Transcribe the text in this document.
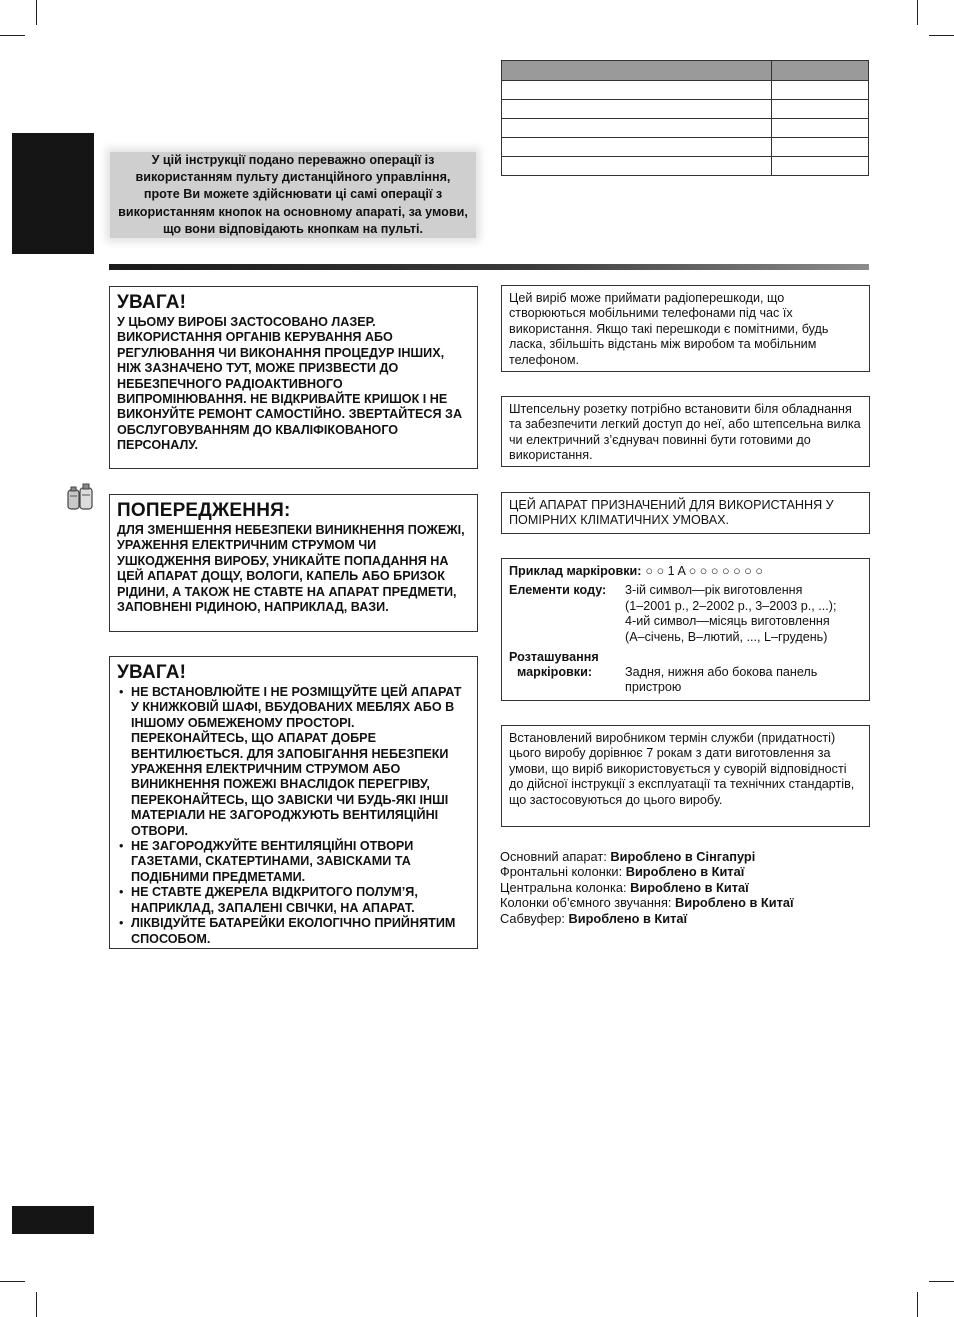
У цій інструкції подано переважно операції із використанням пульту дистанційного управління, проте Ви можете здійснювати ці самі операції з використанням кнопок на основному апараті, за умови, що вони відповідають кнопкам на пульті.

УВАГА!
У ЦЬОМУ ВИРОБІ ЗАСТОСОВАНО ЛАЗЕР. ВИКОРИСТАННЯ ОРГАНІВ КЕРУВАННЯ АБО РЕГУЛЮВАННЯ ЧИ ВИКОНАННЯ ПРОЦЕДУР ІНШИХ, НІЖ ЗАЗНАЧЕНО ТУТ, МОЖЕ ПРИЗВЕСТИ ДО НЕБЕЗПЕЧНОГО РАДІОАКТИВНОГО ВИПРОМІНЮВАННЯ. НЕ ВІДКРИВАЙТЕ КРИШОК І НЕ ВИКОНУЙТЕ РЕМОНТ САМОСТІЙНО. ЗВЕРТАЙТЕСЯ ЗА ОБСЛУГОВУВАННЯМ ДО КВАЛІФІКОВАНОГО ПЕРСОНАЛУ.
ПОПЕРЕДЖЕННЯ:
ДЛЯ ЗМЕНШЕННЯ НЕБЕЗПЕКИ ВИНИКНЕННЯ ПОЖЕЖІ, УРАЖЕННЯ ЕЛЕКТРИЧНИМ СТРУМОМ ЧИ УШКОДЖЕННЯ ВИРОБУ, УНИКАЙТЕ ПОПАДАННЯ НА ЦЕЙ АПАРАТ ДОЩУ, ВОЛОГИ, КАПЕЛЬ АБО БРИЗОК РІДИНИ, А ТАКОЖ НЕ СТАВТЕ НА АПАРАТ ПРЕДМЕТИ, ЗАПОВНЕНІ РІДИНОЮ, НАПРИКЛАД, ВАЗИ.
УВАГА!
• НЕ ВСТАНОВЛЮЙТЕ І НЕ РОЗМІЩУЙТЕ ЦЕЙ АПАРАТ У КНИЖКОВІЙ ШАФІ, ВБУДОВАНИХ МЕБЛЯХ АБО В ІНШОМУ ОБМЕЖЕНОМУ ПРОСТОРІ. ПЕРЕКОНАЙТЕСЬ, ЩО АПАРАТ ДОБРЕ ВЕНТИЛЮЄТЬСЯ. ДЛЯ ЗАПОБІГАННЯ НЕБЕЗПЕКИ УРАЖЕННЯ ЕЛЕКТРИЧНИМ СТРУМОМ АБО ВИНИКНЕННЯ ПОЖЕЖІ ВНАСЛІДОК ПЕРЕГРІВУ, ПЕРЕКОНАЙТЕСЬ, ЩО ЗАВІСКИ ЧИ БУДЬ-ЯКІ ІНШІ МАТЕРІАЛИ НЕ ЗАГОРОДЖУЮТЬ ВЕНТИЛЯЦІЙНІ ОТВОРИ.
• НЕ ЗАГОРОДЖУЙТЕ ВЕНТИЛЯЦІЙНІ ОТВОРИ ГАЗЕТАМИ, СКАТЕРТИНАМИ, ЗАВІСКАМИ ТА ПОДІБНИМИ ПРЕДМЕТАМИ.
• НЕ СТАВТЕ ДЖЕРЕЛА ВІДКРИТОГО ПОЛУМ’Я, НАПРИКЛАД, ЗАПАЛЕНІ СВІЧКИ, НА АПАРАТ.
• ЛІКВІДУЙТЕ БАТАРЕЙКИ ЕКОЛОГІЧНО ПРИЙНЯТИМ СПОСОБОМ.
Цей виріб може приймати радіоперешкоди, що створюються мобільними телефонами під час їх використання. Якщо такі перешкоди є помітними, будь ласка, збільшіть відстань між виробом та мобільним телефоном.
Штепсельну розетку потрібно встановити біля обладнання та забезпечити легкий доступ до неї, або штепсельна вилка чи електричний з’єднувач повинні бути готовими до використання.
ЦЕЙ АПАРАТ ПРИЗНАЧЕНИЙ ДЛЯ ВИКОРИСТАННЯ У ПОМІРНИХ КЛІМАТИЧНИХ УМОВАХ.
Приклад маркіровки: ○ ○ 1 A ○ ○ ○ ○ ○ ○ ○
Елементи коду:	3-ій символ—рік виготовлення
(1–2001 р., 2–2002 р., 3–2003 р., ...);
4-ий символ—місяць виготовлення
(A–січень, B–лютий, ..., L–грудень)
Розташування
маркіровки:	Задня, нижня або бокова панель пристрою
Встановлений виробником термін служби (придатності) цього виробу дорівнює 7 рокам з дати виготовлення за умови, що виріб використовується у суворій відповідності до дійсної інструкції з експлуатації та технічних стандартів, що застосовуються до цього виробу.
Основний апарат: Вироблено в Сінгапурі
Фронтальні колонки: Вироблено в Китаї
Центральна колонка: Вироблено в Китаї
Колонки об’ємного звучання: Вироблено в Китаї
Сабвуфер: Вироблено в Китаї
